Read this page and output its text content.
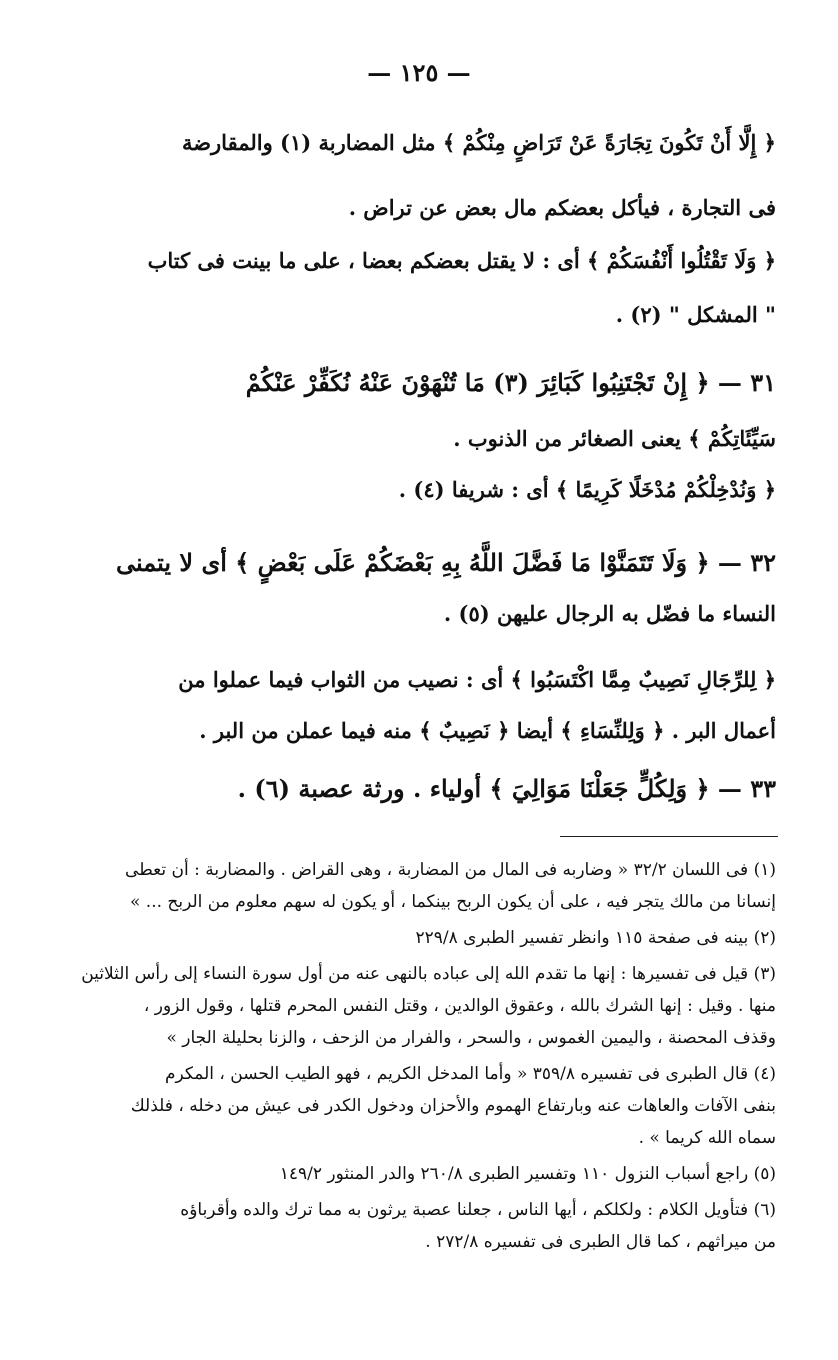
— ١٢٥ —
﴿ إِلَّا أَنْ تَكُونَ تِجَارَةً عَنْ تَرَاضٍ مِنْكُمْ ﴾ مثل المضاربة (١) والمقارضة
فى التجارة ، فيأكل بعضكم مال بعض عن تراض .
﴿ وَلَا تَقْتُلُوا أَنْفُسَكُمْ ﴾ أى : لا يقتل بعضكم بعضا ، على ما بينت فى كتاب
" المشكل " (٢) .
٣١ — ﴿ إِنْ تَجْتَنِبُوا كَبَائِرَ (٣) مَا تُنْهَوْنَ عَنْهُ نُكَفِّرْ عَنْكُمْ
سَيِّئَاتِكُمْ ﴾ يعنى الصغائر من الذنوب .
﴿ وَنُدْخِلْكُمْ مُدْخَلًا كَرِيمًا ﴾ أى : شريفا (٤) .
٣٢ — ﴿ وَلَا تَتَمَنَّوْا مَا فَضَّلَ اللَّهُ بِهِ بَعْضَكُمْ عَلَى بَعْضٍ ﴾ أى لا يتمنى
النساء ما فضّل به الرجال عليهن (٥) .
﴿ لِلرِّجَالِ نَصِيبٌ مِمَّا اكْتَسَبُوا ﴾ أى : نصيب من الثواب فيما عملوا من
أعمال البر . ﴿ وَلِلنِّسَاءِ ﴾ أيضا ﴿ نَصِيبٌ ﴾ منه فيما عملن من البر .
٣٣ — ﴿ وَلِكُلٍّ جَعَلْنَا مَوَالِيَ ﴾ أولياء . ورثة عصبة (٦) .
(١) فى اللسان ٣٢/٢ « وضاربه فى المال من المضاربة ، وهى القراض . والمضاربة : أن تعطى
إنسانا من مالك يتجر فيه ، على أن يكون الربح بينكما ، أو يكون له سهم معلوم من الربح ... »
(٢) بينه فى صفحة ١١٥ وانظر تفسير الطبرى ٢٢٩/٨
(٣) قيل فى تفسيرها : إنها ما تقدم الله إلى عباده بالنهى عنه من أول سورة النساء إلى رأس الثلاثين
منها . وقيل : إنها الشرك بالله ، وعقوق الوالدين ، وقتل النفس المحرم قتلها ، وقول الزور ،
وقذف المحصنة ، واليمين الغموس ، والسحر ، والفرار من الزحف ، والزنا بحليلة الجار »
(٤) قال الطبرى فى تفسيره ٣٥٩/٨ « وأما المدخل الكريم ، فهو الطيب الحسن ، المكرم
بنفى الآفات والعاهات عنه وبارتفاع الهموم والأحزان ودخول الكدر فى عيش من دخله ، فلذلك
سماه الله كريما » .
(٥) راجع أسباب النزول ١١٠ وتفسير الطبرى ٢٦٠/٨ والدر المنثور ١٤٩/٢
(٦) فتأويل الكلام : ولكلكم ، أيها الناس ، جعلنا عصبة يرثون به مما ترك والده وأقرباؤه
من ميراثهم ، كما قال الطبرى فى تفسيره ٢٧٢/٨ .
